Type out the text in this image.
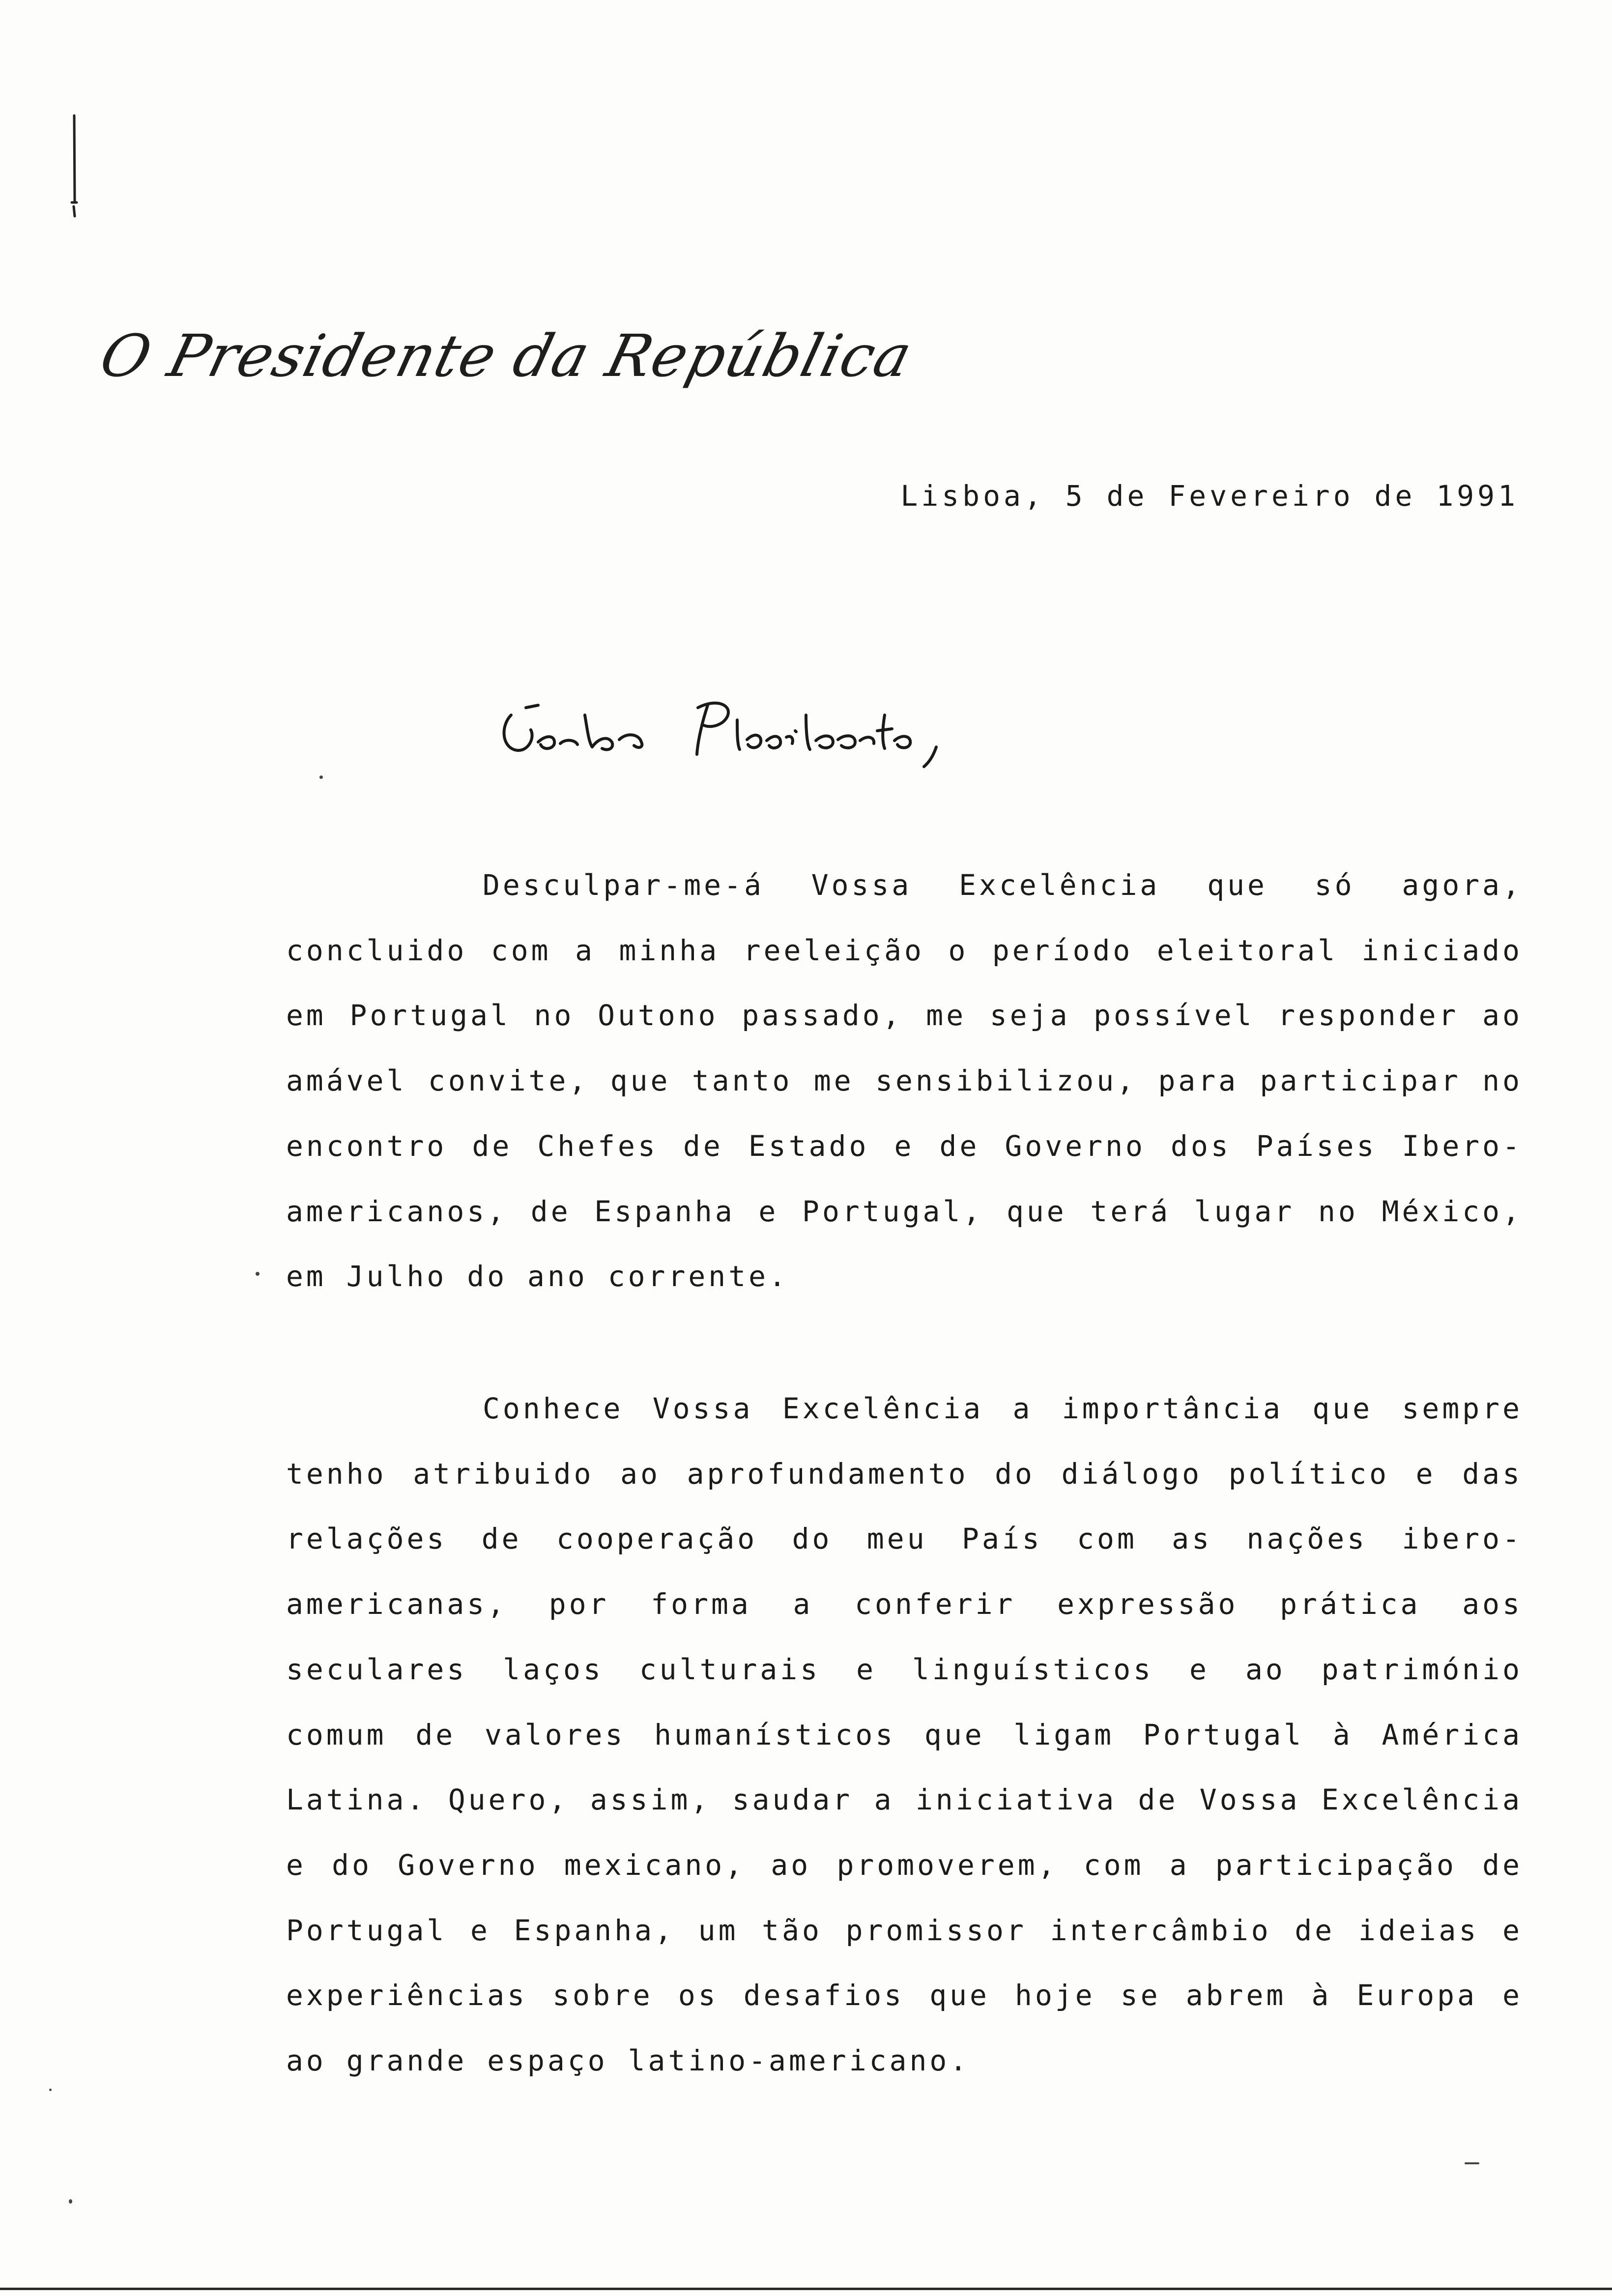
O Presidente da República
Lisboa, 5 de Fevereiro de 1991

Desculpar-me-á Vossa Excelência que só agora, concluido com a minha reeleição o período eleitoral iniciado em Portugal no Outono passado, me seja possível responder ao amável convite, que tanto me sensibilizou, para participar no encontro de Chefes de Estado e de Governo dos Países Ibero-americanos, de Espanha e Portugal, que terá lugar no México, em Julho do ano corrente.

Conhece Vossa Excelência a importância que sempre tenho atribuido ao aprofundamento do diálogo político e das relações de cooperação do meu País com as nações ibero-americanas, por forma a conferir expressão prática aos seculares laços culturais e linguísticos e ao património comum de valores humanísticos que ligam Portugal à América Latina. Quero, assim, saudar a iniciativa de Vossa Excelência e do Governo mexicano, ao promoverem, com a participação de Portugal e Espanha, um tão promissor intercâmbio de ideias e experiências sobre os desafios que hoje se abrem à Europa e ao grande espaço latino-americano.
